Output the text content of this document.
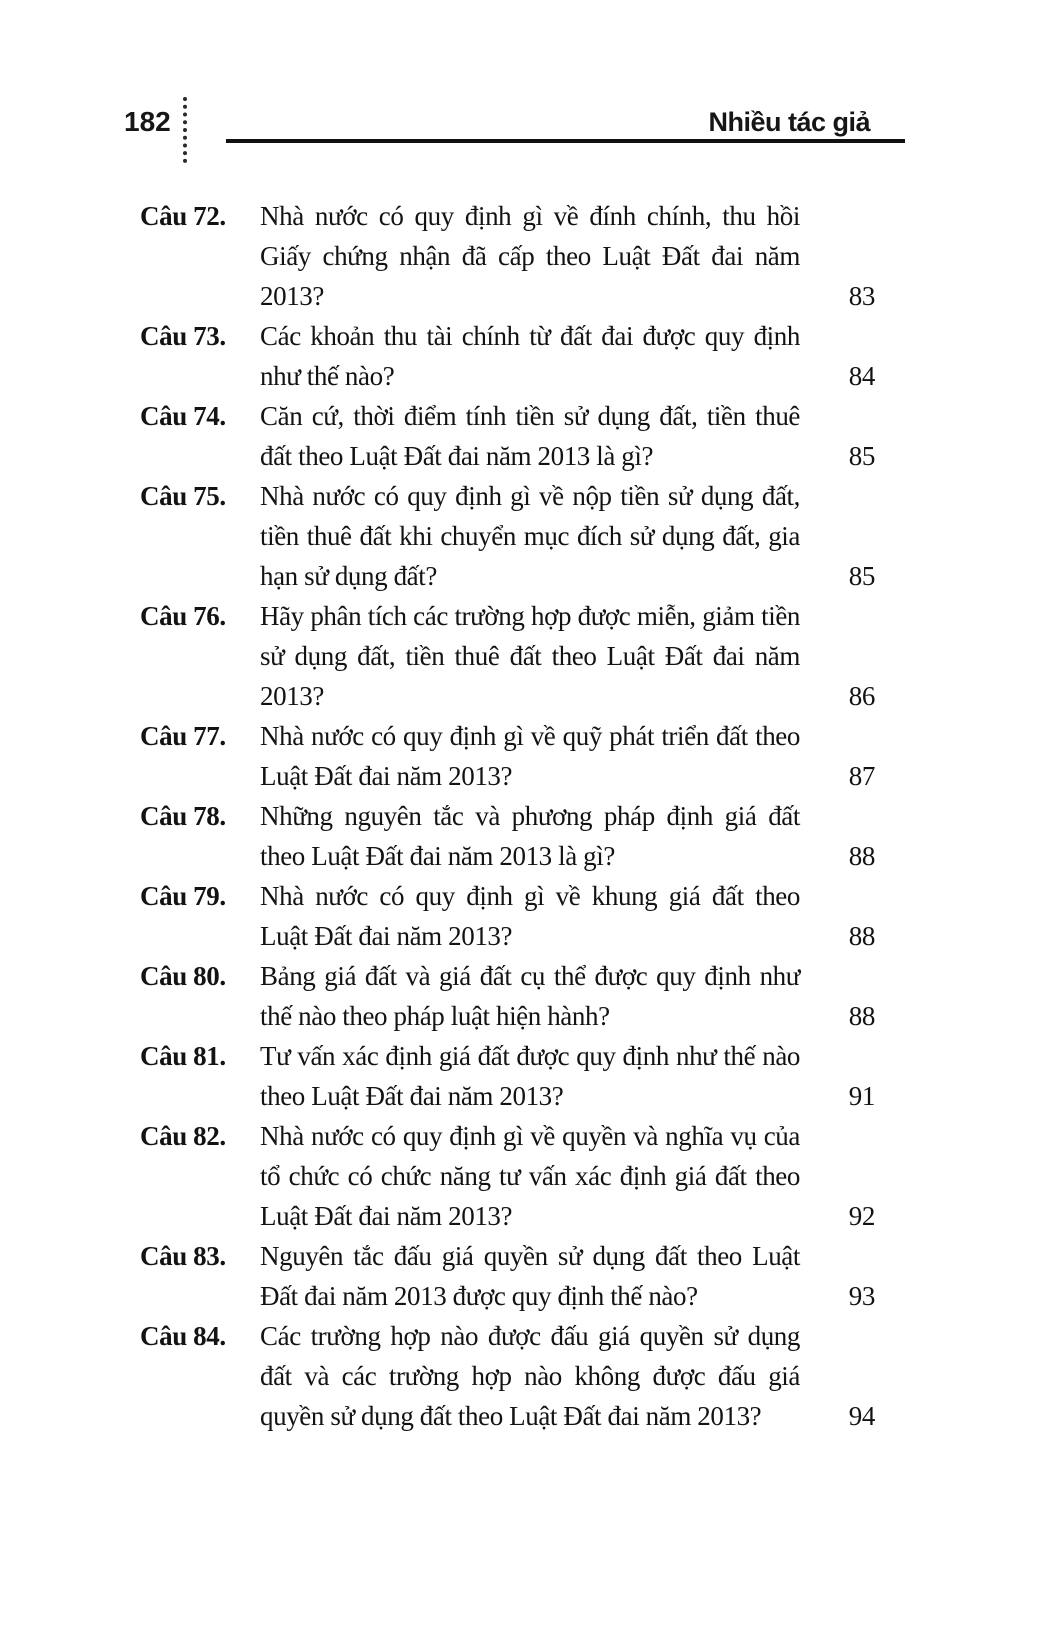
182	Nhiều tác giả
Câu 72.	Nhà nước có quy định gì về đính chính, thu hồi Giấy chứng nhận đã cấp theo Luật Đất đai năm 2013?	83
Câu 73.	Các khoản thu tài chính từ đất đai được quy định như thế nào?	84
Câu 74.	Căn cứ, thời điểm tính tiền sử dụng đất, tiền thuê đất theo Luật Đất đai năm 2013 là gì?	85
Câu 75.	Nhà nước có quy định gì về nộp tiền sử dụng đất, tiền thuê đất khi chuyển mục đích sử dụng đất, gia hạn sử dụng đất?	85
Câu 76.	Hãy phân tích các trường hợp được miễn, giảm tiền sử dụng đất, tiền thuê đất theo Luật Đất đai năm 2013?	86
Câu 77.	Nhà nước có quy định gì về quỹ phát triển đất theo Luật Đất đai năm 2013?	87
Câu 78.	Những nguyên tắc và phương pháp định giá đất theo Luật Đất đai năm 2013 là gì?	88
Câu 79.	Nhà nước có quy định gì về khung giá đất theo Luật Đất đai năm 2013?	88
Câu 80.	Bảng giá đất và giá đất cụ thể được quy định như thế nào theo pháp luật hiện hành?	88
Câu 81.	Tư vấn xác định giá đất được quy định như thế nào theo Luật Đất đai năm 2013?	91
Câu 82.	Nhà nước có quy định gì về quyền và nghĩa vụ của tổ chức có chức năng tư vấn xác định giá đất theo Luật Đất đai năm 2013?	92
Câu 83.	Nguyên tắc đấu giá quyền sử dụng đất theo Luật Đất đai năm 2013 được quy định thế nào?	93
Câu 84.	Các trường hợp nào được đấu giá quyền sử dụng đất và các trường hợp nào không được đấu giá quyền sử dụng đất theo Luật Đất đai năm 2013?	94
